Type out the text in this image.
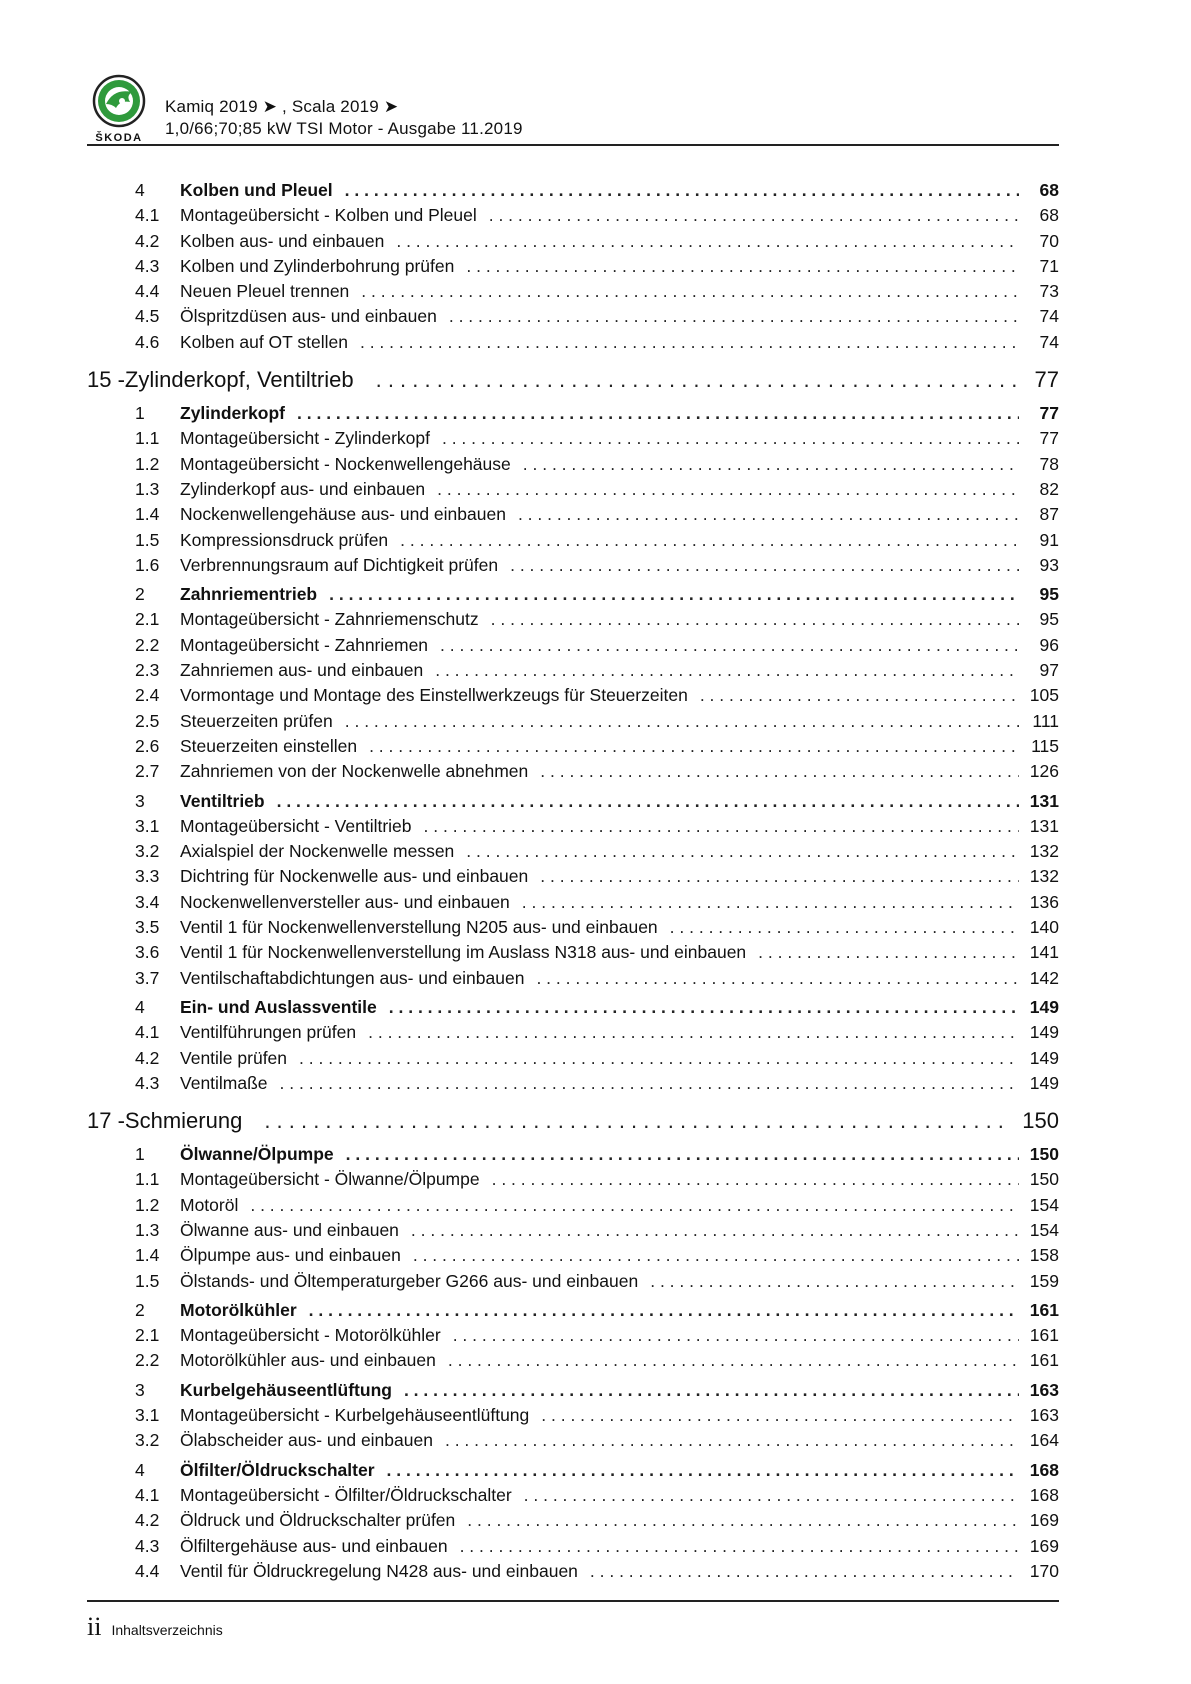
ŠKODA
Kamiq 2019 ➤ , Scala 2019 ➤
1,0/66;70;85 kW TSI Motor - Ausgabe 11.2019
4	Kolben und Pleuel . . .	68
4.1	Montageübersicht - Kolben und Pleuel . . .	68
4.2	Kolben aus- und einbauen . . .	70
4.3	Kolben und Zylinderbohrung prüfen . . .	71
4.4	Neuen Pleuel trennen . . .	73
4.5	Ölspritzdüsen aus- und einbauen . . .	74
4.6	Kolben auf OT stellen . . .	74
15 - Zylinderkopf, Ventiltrieb . . .	77
1	Zylinderkopf . . .	77
1.1	Montageübersicht - Zylinderkopf . . .	77
1.2	Montageübersicht - Nockenwellengehäuse . . .	78
1.3	Zylinderkopf aus- und einbauen . . .	82
1.4	Nockenwellengehäuse aus- und einbauen . . .	87
1.5	Kompressionsdruck prüfen . . .	91
1.6	Verbrennungsraum auf Dichtigkeit prüfen . . .	93
2	Zahnriementrieb . . .	95
2.1	Montageübersicht - Zahnriemenschutz . . .	95
2.2	Montageübersicht - Zahnriemen . . .	96
2.3	Zahnriemen aus- und einbauen . . .	97
2.4	Vormontage und Montage des Einstellwerkzeugs für Steuerzeiten . . .	105
2.5	Steuerzeiten prüfen . . .	111
2.6	Steuerzeiten einstellen . . .	115
2.7	Zahnriemen von der Nockenwelle abnehmen . . .	126
3	Ventiltrieb . . .	131
3.1	Montageübersicht - Ventiltrieb . . .	131
3.2	Axialspiel der Nockenwelle messen . . .	132
3.3	Dichtring für Nockenwelle aus- und einbauen . . .	132
3.4	Nockenwellenversteller aus- und einbauen . . .	136
3.5	Ventil 1 für Nockenwellenverstellung N205 aus- und einbauen . . .	140
3.6	Ventil 1 für Nockenwellenverstellung im Auslass N318 aus- und einbauen . . .	141
3.7	Ventilschaftabdichtungen aus- und einbauen . . .	142
4	Ein- und Auslassventile . . .	149
4.1	Ventilführungen prüfen . . .	149
4.2	Ventile prüfen . . .	149
4.3	Ventilmaße . . .	149
17 - Schmierung . . .	150
1	Ölwanne/Ölpumpe . . .	150
1.1	Montageübersicht - Ölwanne/Ölpumpe . . .	150
1.2	Motoröl . . .	154
1.3	Ölwanne aus- und einbauen . . .	154
1.4	Ölpumpe aus- und einbauen . . .	158
1.5	Ölstands- und Öltemperaturgeber G266 aus- und einbauen . . .	159
2	Motorölkühler . . .	161
2.1	Montageübersicht - Motorölkühler . . .	161
2.2	Motorölkühler aus- und einbauen . . .	161
3	Kurbelgehäuseentlüftung . . .	163
3.1	Montageübersicht - Kurbelgehäuseentlüftung . . .	163
3.2	Ölabscheider aus- und einbauen . . .	164
4	Ölfilter/Öldruckschalter . . .	168
4.1	Montageübersicht - Ölfilter/Öldruckschalter . . .	168
4.2	Öldruck und Öldruckschalter prüfen . . .	169
4.3	Ölfiltergehäuse aus- und einbauen . . .	169
4.4	Ventil für Öldruckregelung N428 aus- und einbauen . . .	170
ii Inhaltsverzeichnis
